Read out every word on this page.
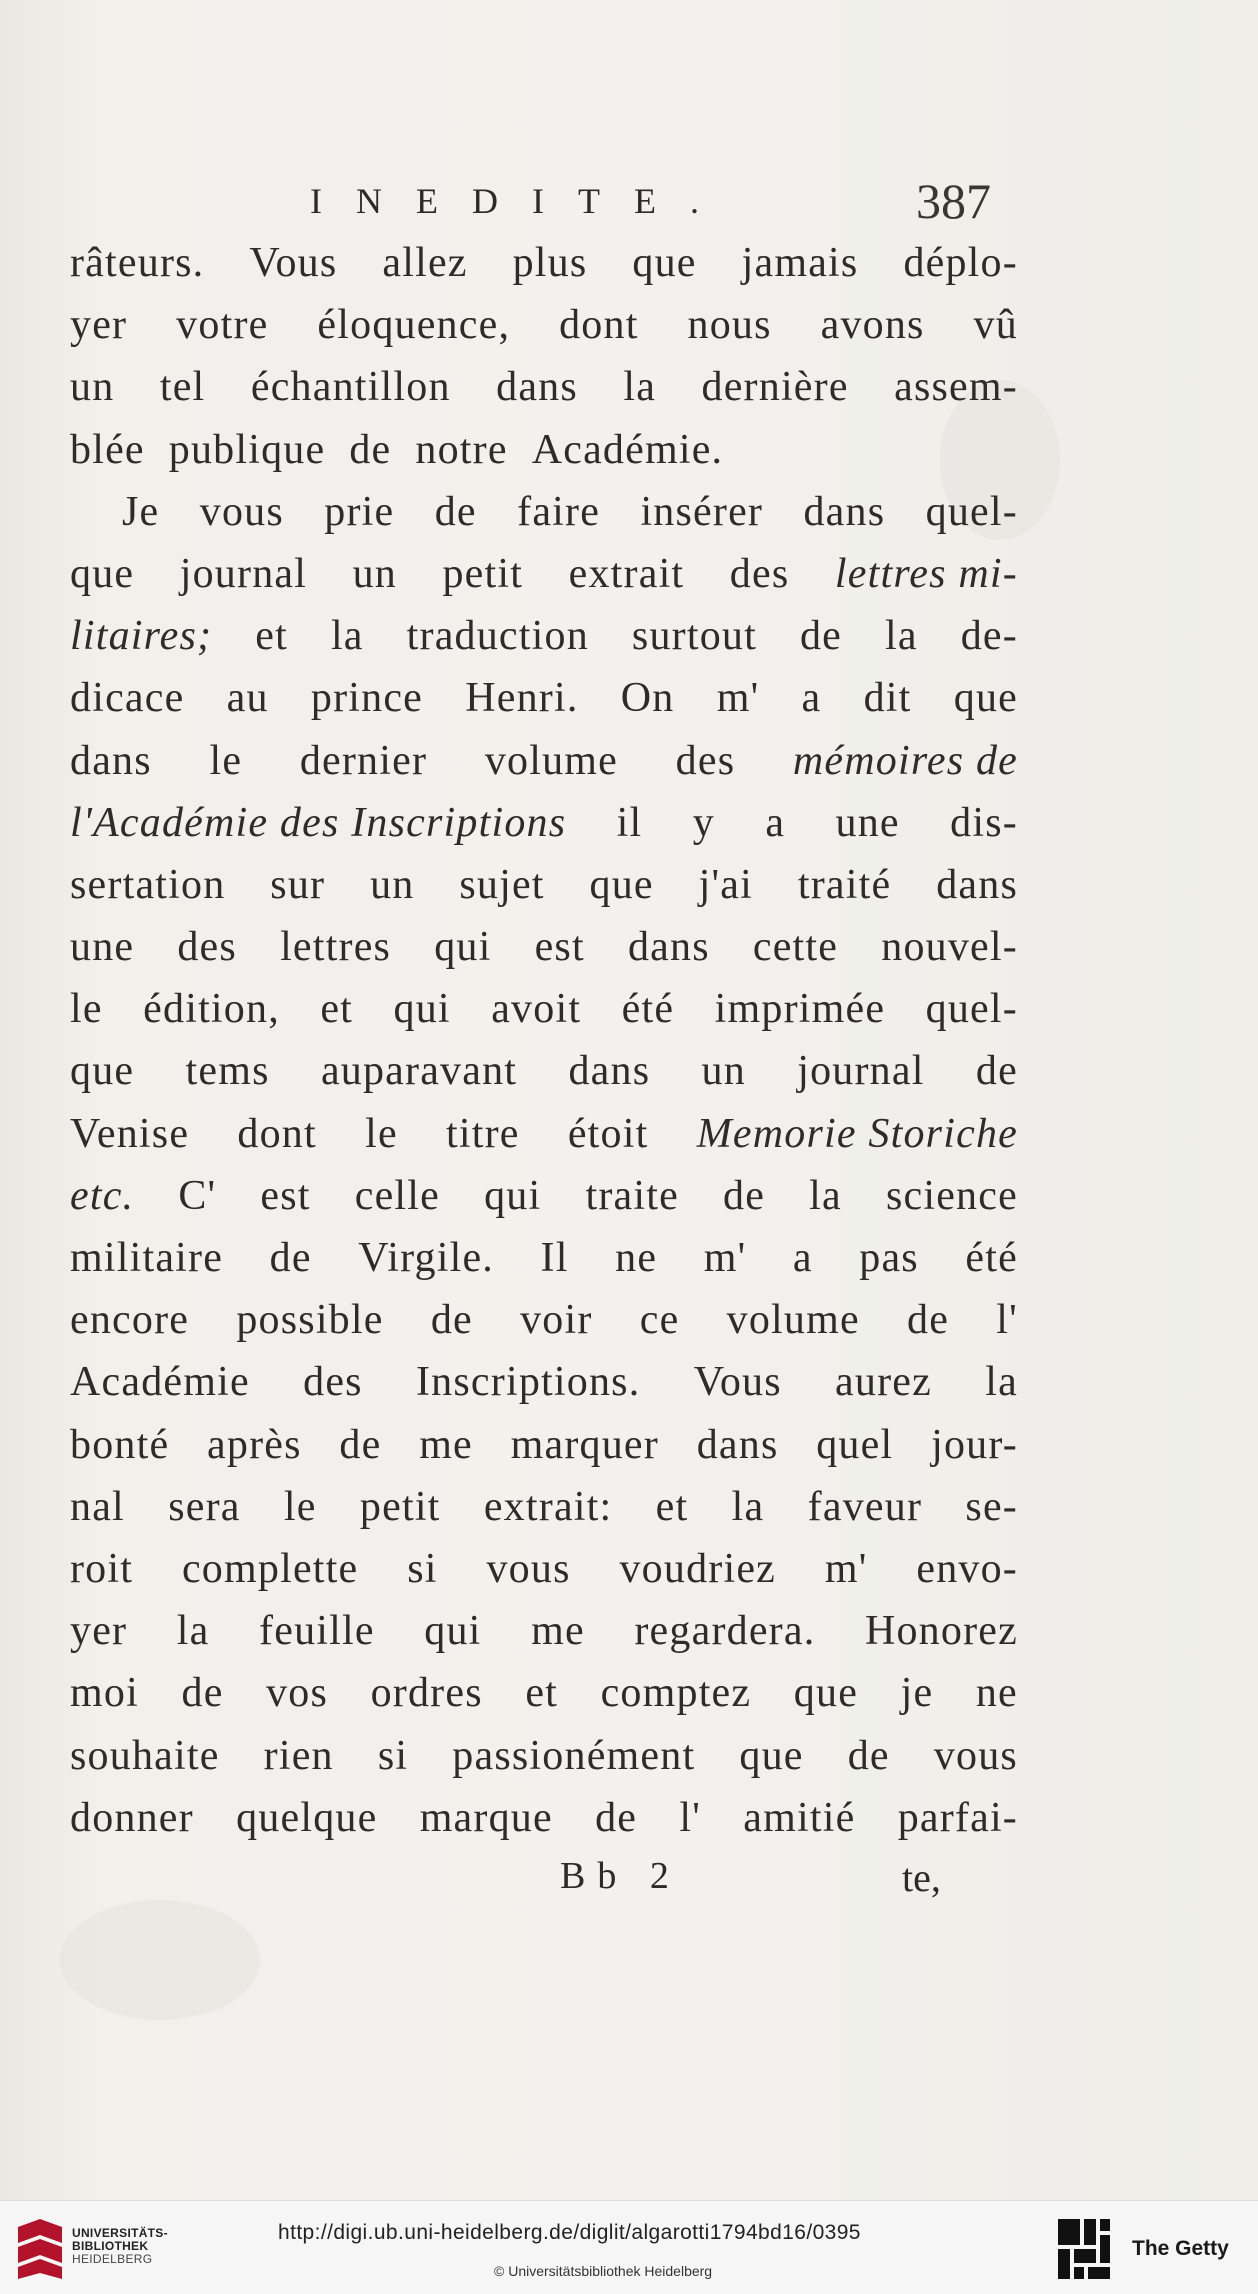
INEDITE.	387
râteurs. Vous allez plus que jamais déplo-
yer votre éloquence, dont nous avons vû
un tel échantillon dans la dernière assem-
blée publique de notre Académie.
Je vous prie de faire insérer dans quel-
que journal un petit extrait des lettres mi-
litaires; et la traduction surtout de la de-
dicace au prince Henri. On m' a dit que
dans le dernier volume des mémoires de
l'Académie des Inscriptions il y a une dis-
sertation sur un sujet que j'ai traité dans
une des lettres qui est dans cette nouvel-
le édition, et qui avoit été imprimée quel-
que tems auparavant dans un journal de
Venise dont le titre étoit Memorie Storiche
etc. C' est celle qui traite de la science
militaire de Virgile. Il ne m' a pas été
encore possible de voir ce volume de l'
Académie des Inscriptions. Vous aurez la
bonté après de me marquer dans quel jour-
nal sera le petit extrait: et la faveur se-
roit complette si vous voudriez m' envo-
yer la feuille qui me regardera. Honorez
moi de vos ordres et comptez que je ne
souhaite rien si passionément que de vous
donner quelque marque de l' amitié parfai-
Bb 2	te,
UNIVERSITÄTS-
BIBLIOTHEK
HEIDELBERG
http://digi.ub.uni-heidelberg.de/diglit/algarotti1794bd16/0395
© Universitätsbibliothek Heidelberg
The Getty
